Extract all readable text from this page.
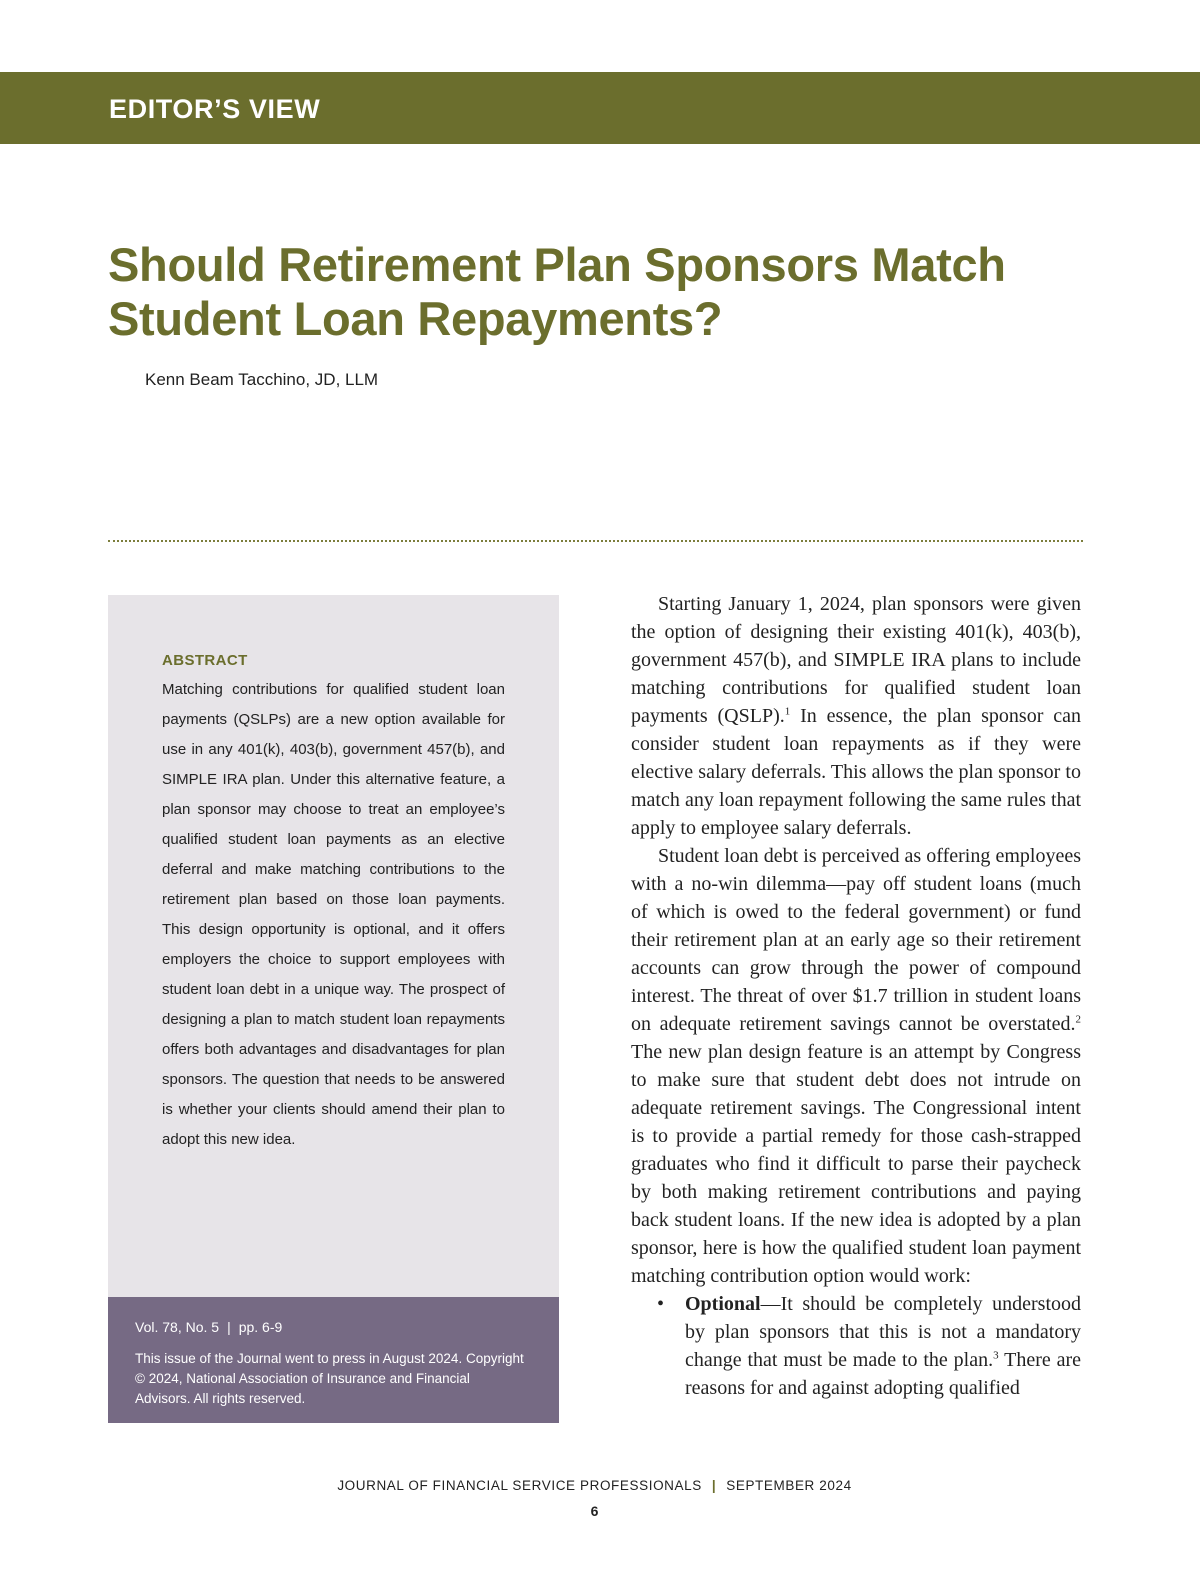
EDITOR’S VIEW
Should Retirement Plan Sponsors Match Student Loan Repayments?
Kenn Beam Tacchino, JD, LLM
ABSTRACT

Matching contributions for qualified student loan payments (QSLPs) are a new option available for use in any 401(k), 403(b), government 457(b), and SIMPLE IRA plan. Under this alternative feature, a plan sponsor may choose to treat an employee’s qualified student loan payments as an elective deferral and make matching contributions to the retirement plan based on those loan payments. This design opportunity is optional, and it offers employers the choice to support employees with student loan debt in a unique way. The prospect of designing a plan to match student loan repayments offers both advantages and disadvantages for plan sponsors. The question that needs to be answered is whether your clients should amend their plan to adopt this new idea.

Vol. 78, No. 5 | pp. 6-9

This issue of the Journal went to press in August 2024. Copyright © 2024, National Association of Insurance and Financial Advisors. All rights reserved.

Starting January 1, 2024, plan sponsors were given the option of designing their existing 401(k), 403(b), government 457(b), and SIMPLE IRA plans to include matching contributions for qualified student loan payments (QSLP).$^1$ In essence, the plan sponsor can consider student loan repayments as if they were elective salary deferrals. This allows the plan sponsor to match any loan repayment following the same rules that apply to employee salary deferrals.

Student loan debt is perceived as offering employees with a no-win dilemma—pay off student loans (much of which is owed to the federal government) or fund their retirement plan at an early age so their retirement accounts can grow through the power of compound interest. The threat of over $1.7 trillion in student loans on adequate retirement savings cannot be overstated.$^2$ The new plan design feature is an attempt by Congress to make sure that student debt does not intrude on adequate retirement savings. The Congressional intent is to provide a partial remedy for those cash-strapped graduates who find it difficult to parse their paycheck by both making retirement contributions and paying back student loans. If the new idea is adopted by a plan sponsor, here is how the qualified student loan payment matching contribution option would work:

• Optional—It should be completely understood by plan sponsors that this is not a mandatory change that must be made to the plan.$^3$ There are reasons for and against adopting qualified
JOURNAL OF FINANCIAL SERVICE PROFESSIONALS | SEPTEMBER 2024
6
